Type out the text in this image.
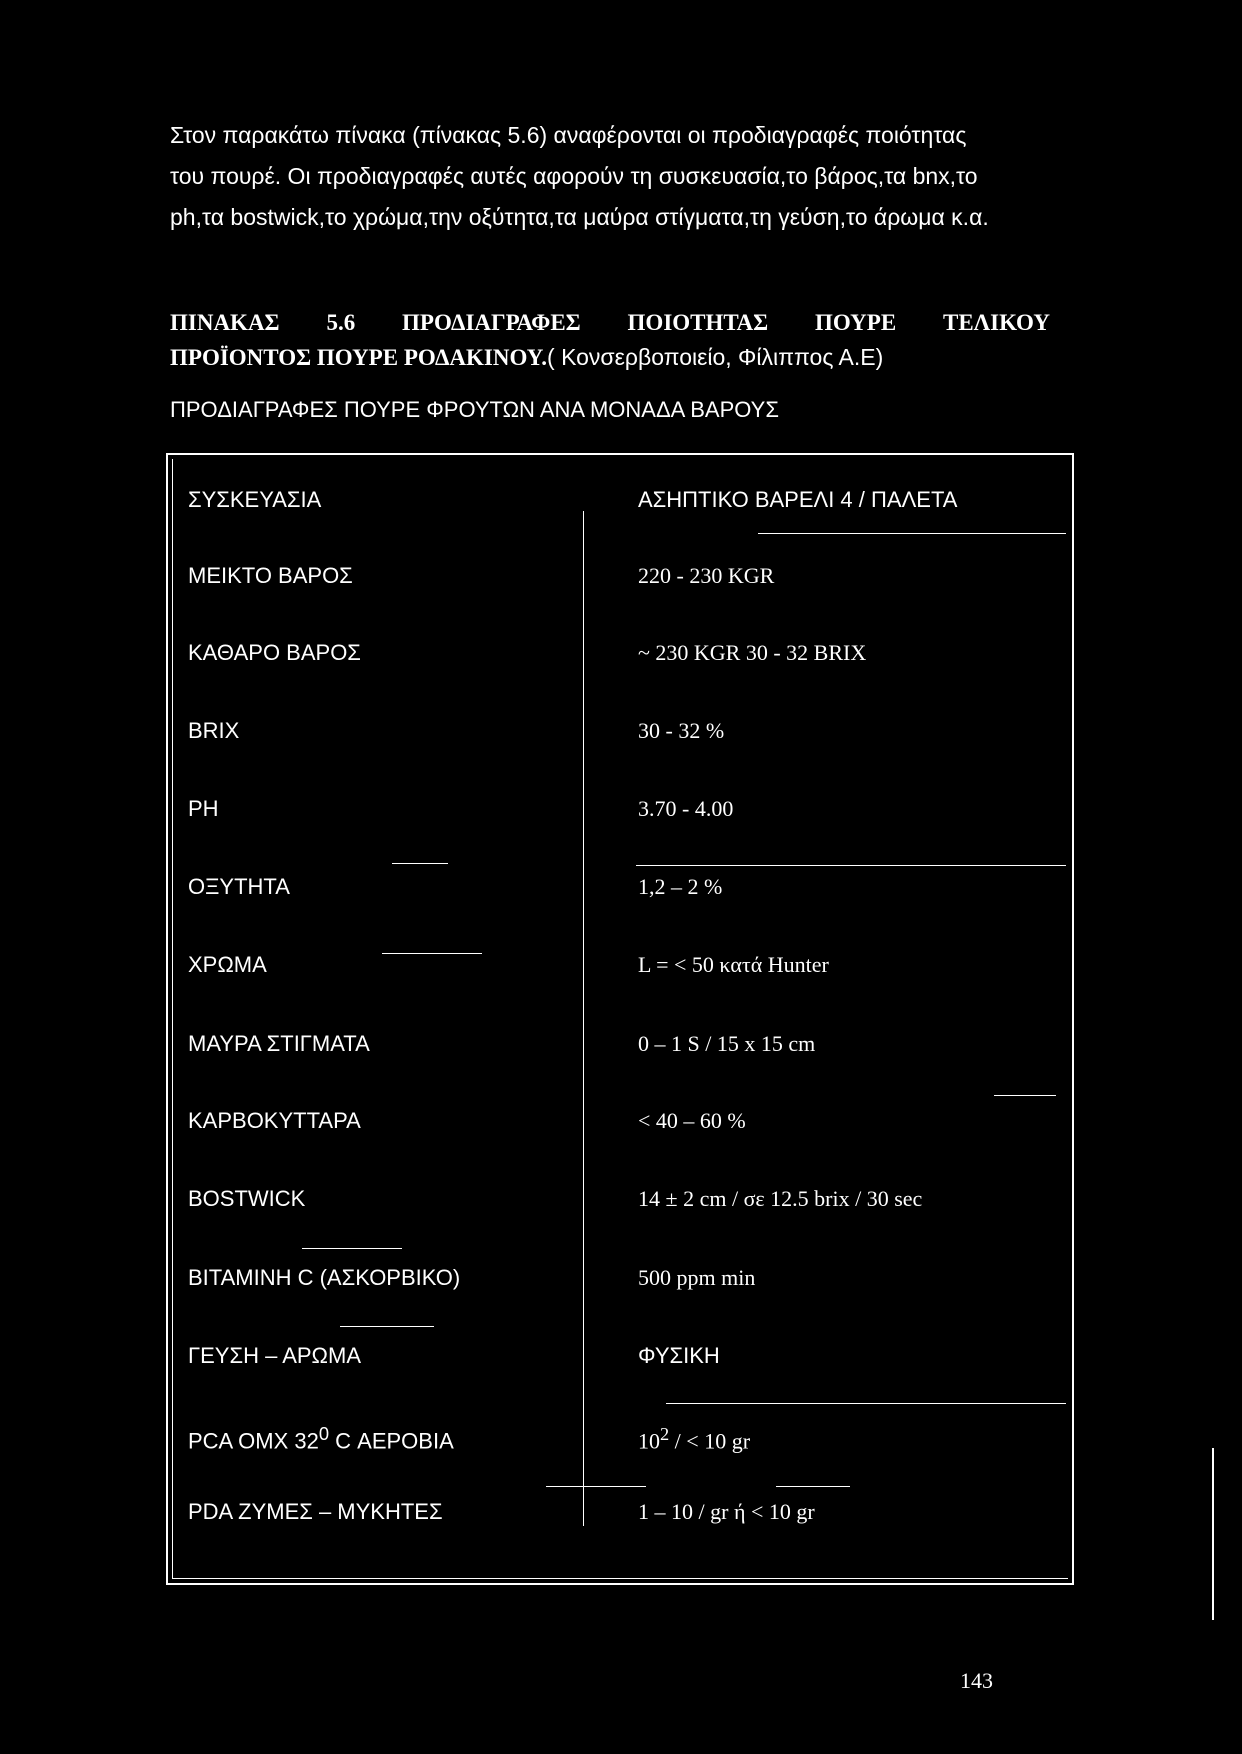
Στον παρακάτω πίνακα (πίνακας 5.6) αναφέρονται οι προδιαγραφές ποιότητας

του πουρέ. Οι προδιαγραφές αυτές αφορούν τη συσκευασία,το βάρος,τα bnx,το

ph,τα bostwick,το χρώμα,την οξύτητα,τα μαύρα στίγματα,τη γεύση,το άρωμα κ.α.

ΠΙΝΑΚΑΣ 5.6 ΠΡΟΔΙΑΓΡΑΦΕΣ ΠΟΙΟΤΗΤΑΣ ΠΟΥΡΕ ΤΕΛΙΚΟΥ
ΠΡΟΪΟΝΤΟΣ ΠΟΥΡΕ ΡΟΔΑΚΙΝΟΥ.( Κονσερβοποιείο, Φίλιππος Α.Ε)
ΠΡΟΔΙΑΓΡΑΦΕΣ ΠΟΥΡΕ ΦΡΟΥΤΩΝ ΑΝΑ ΜΟΝΑΔΑ ΒΑΡΟΥΣ
ΣΥΣΚΕΥΑΣΙΑ	ΑΣΗΠΤΙΚΟ ΒΑΡΕΛΙ 4 / ΠΑΛΕΤΑ
ΜΕΙΚΤΟ ΒΑΡΟΣ	220 - 230 KGR
ΚΑΘΑΡΟ ΒΑΡΟΣ	~ 230 KGR 30 - 32 BRIX
BRIX	30 - 32 %
PH	3.70 - 4.00
ΟΞΥΤΗΤΑ	1,2 – 2 %
ΧΡΩΜΑ	L = < 50 κατά Hunter
ΜΑΥΡΑ ΣΤΙΓΜΑΤΑ	0 – 1 S / 15 x 15 cm
ΚΑΡΒΟΚΥΤΤΑΡΑ	< 40 – 60 %
BOSTWICK	14 ± 2 cm / σε 12.5 brix / 30 sec
ΒΙΤΑΜΙΝΗ C (ΑΣΚΟΡΒΙΚΟ)	500 ppm min
ΓΕΥΣΗ – ΑΡΩΜΑ	ΦΥΣΙΚΗ
PCA OMX $32^0$ C ΑΕΡΟΒΙΑ	$10^2$ / < 10 gr
PDA ΖΥΜΕΣ – ΜΥΚΗΤΕΣ	1 – 10 / gr ή < 10 gr
143
